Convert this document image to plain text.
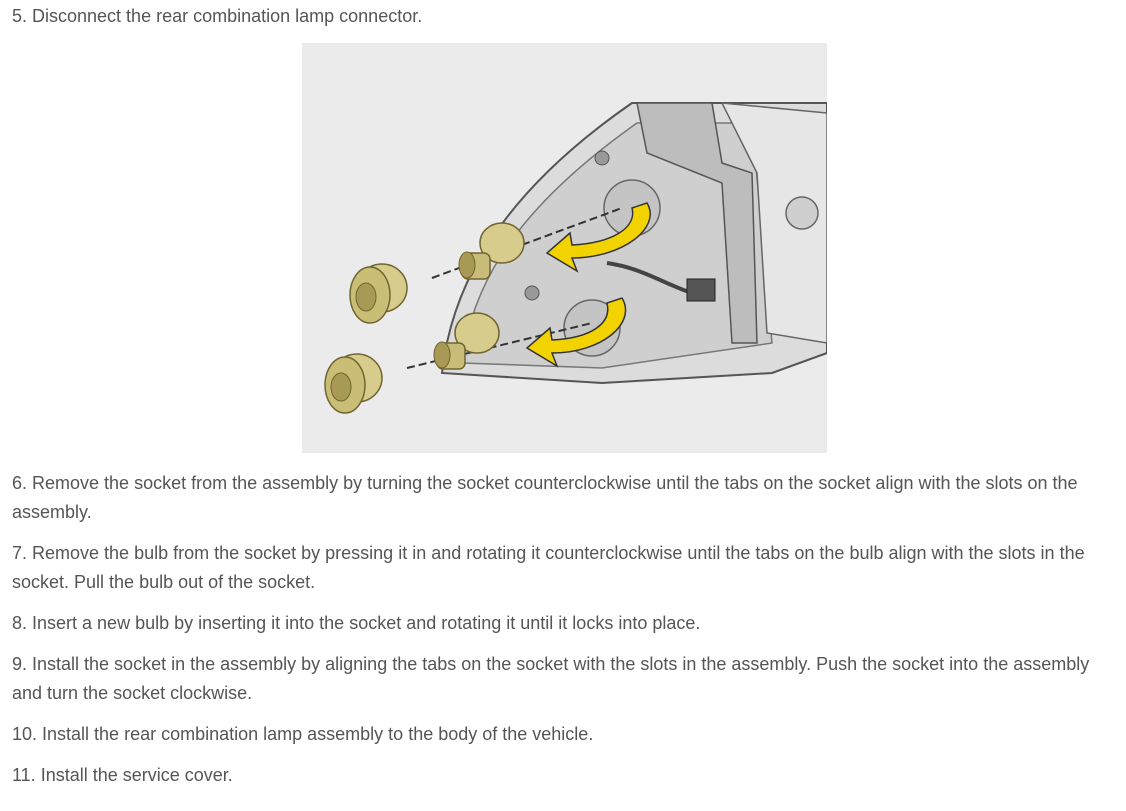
5. Disconnect the rear combination lamp connector.

6. Remove the socket from the assembly by turning the socket counterclockwise until the tabs on the socket align with the slots on the assembly.

7. Remove the bulb from the socket by pressing it in and rotating it counterclockwise until the tabs on the bulb align with the slots in the socket. Pull the bulb out of the socket.

8. Insert a new bulb by inserting it into the socket and rotating it until it locks into place.

9. Install the socket in the assembly by aligning the tabs on the socket with the slots in the assembly. Push the socket into the assembly and turn the socket clockwise.

10. Install the rear combination lamp assembly to the body of the vehicle.

11. Install the service cover.
